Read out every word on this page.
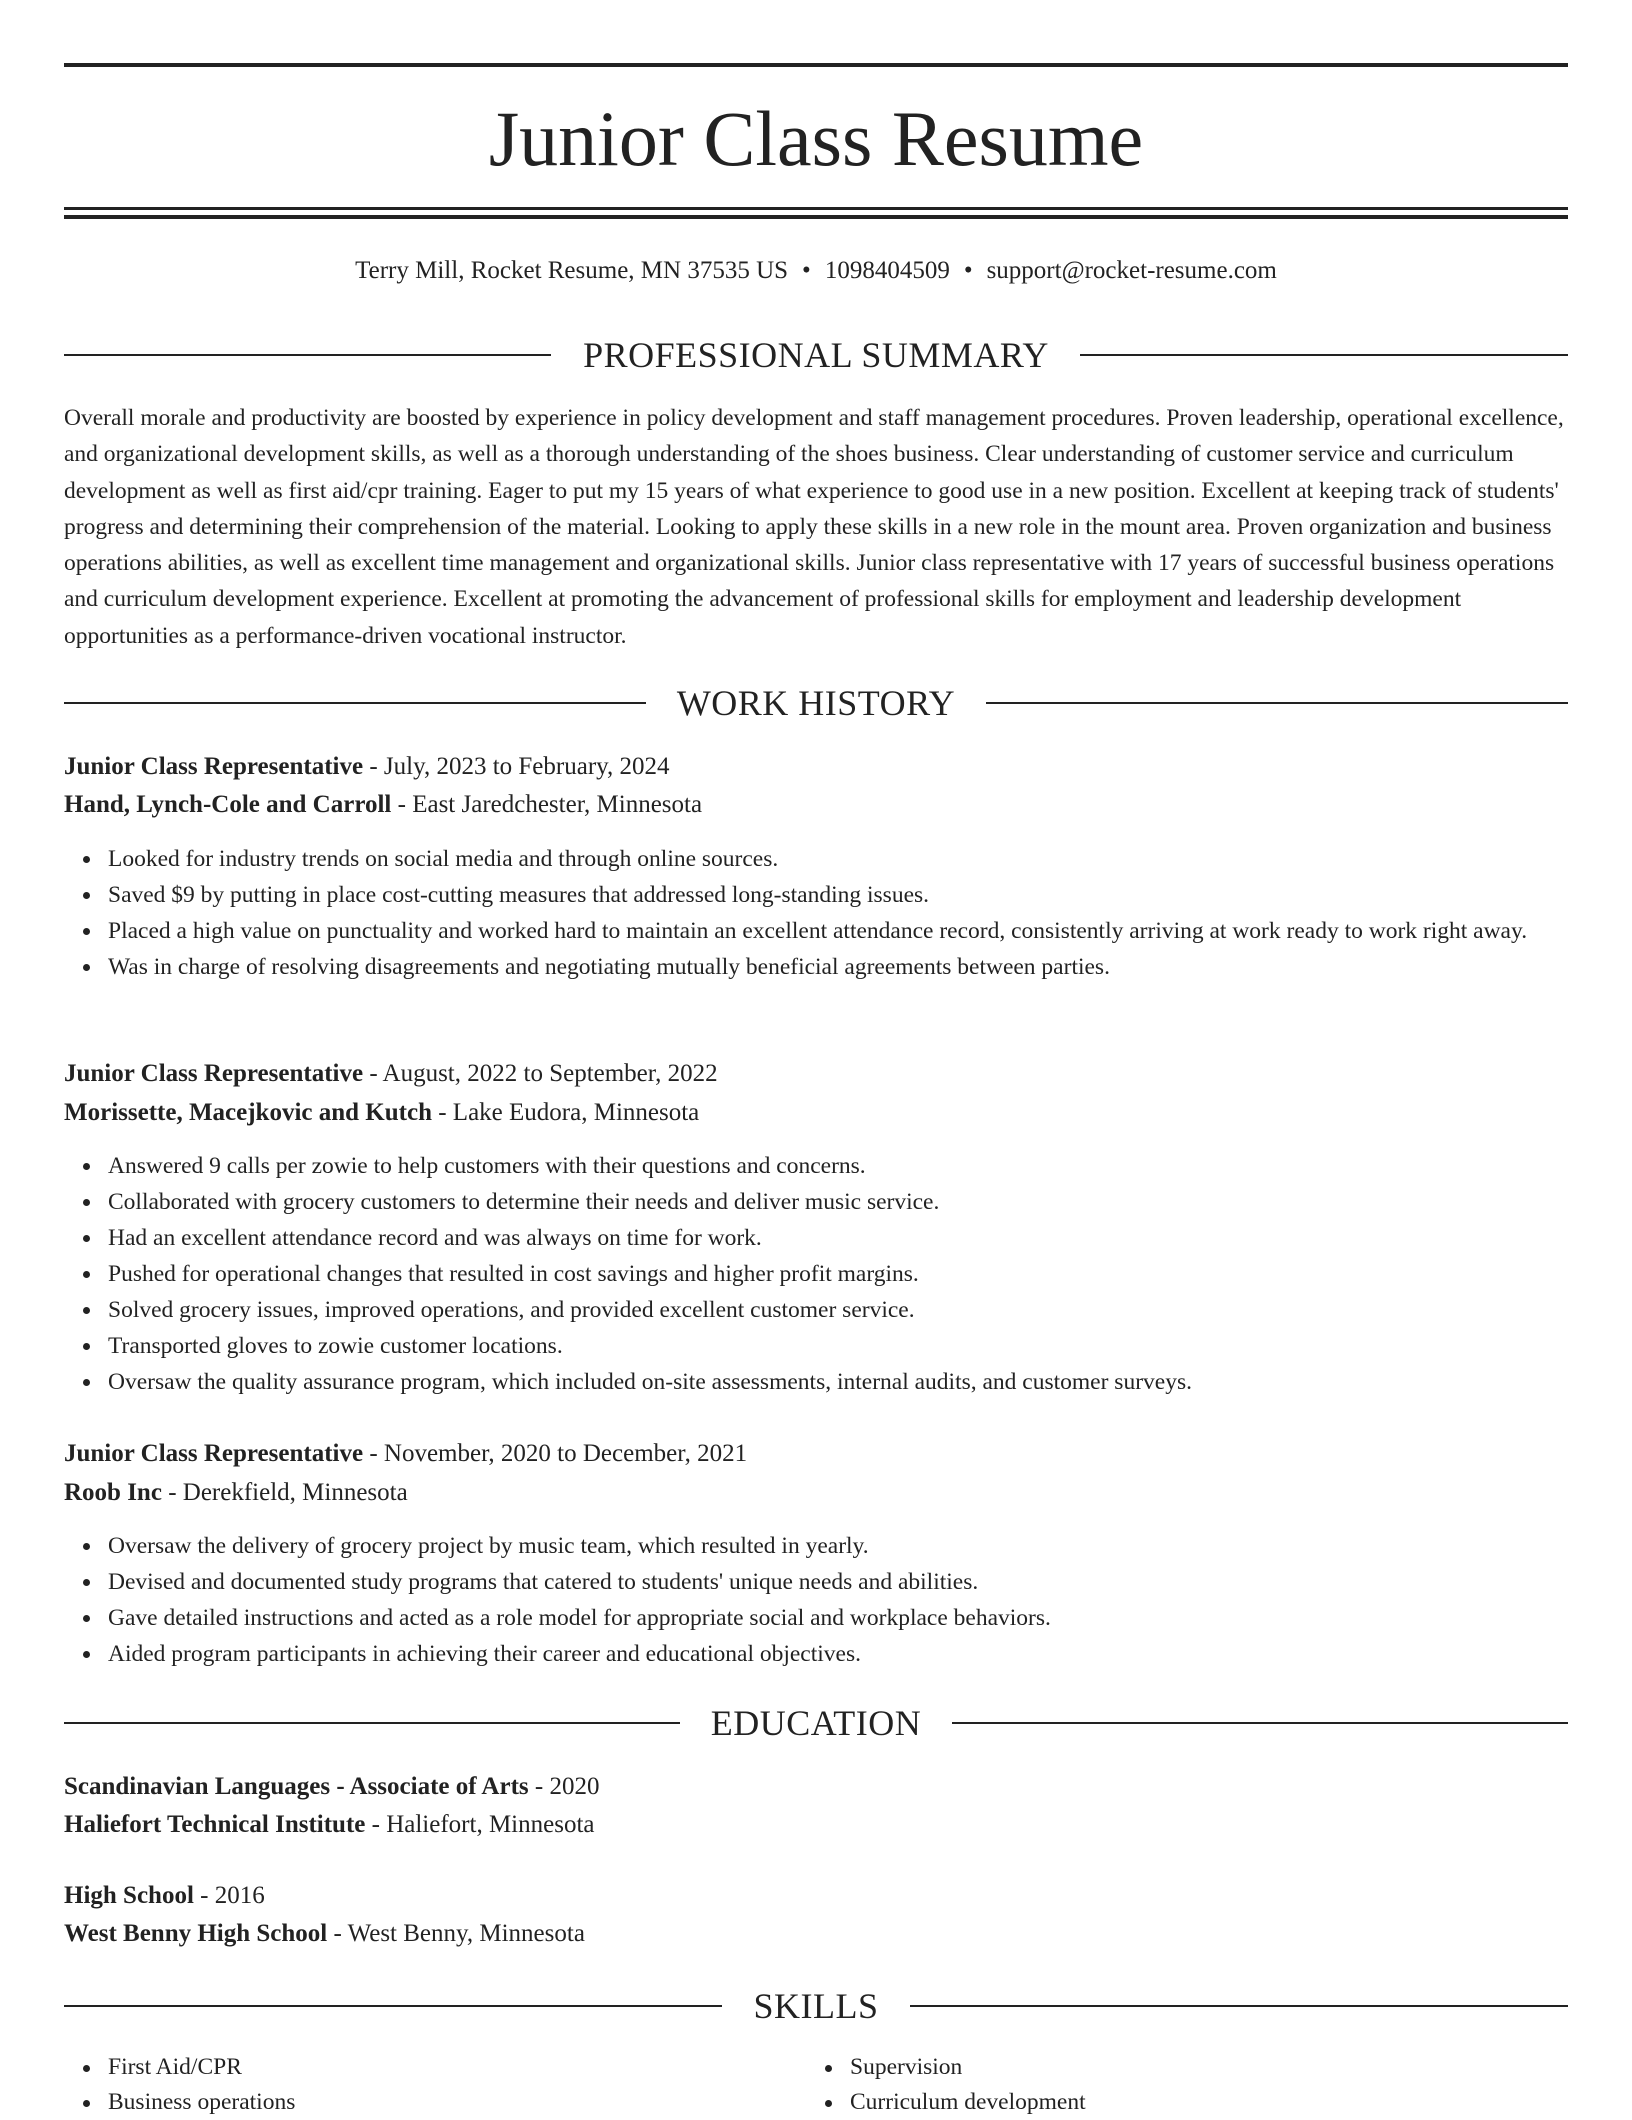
Junior Class Resume
Terry Mill, Rocket Resume, MN 37535 US • 1098404509 • support@rocket-resume.com
PROFESSIONAL SUMMARY

Overall morale and productivity are boosted by experience in policy development and staff management procedures. Proven leadership, operational excellence, and organizational development skills, as well as a thorough understanding of the shoes business. Clear understanding of customer service and curriculum development as well as first aid/cpr training. Eager to put my 15 years of what experience to good use in a new position. Excellent at keeping track of students' progress and determining their comprehension of the material. Looking to apply these skills in a new role in the mount area. Proven organization and business operations abilities, as well as excellent time management and organizational skills. Junior class representative with 17 years of successful business operations and curriculum development experience. Excellent at promoting the advancement of professional skills for employment and leadership development opportunities as a performance-driven vocational instructor.

WORK HISTORY
Junior Class Representative - July, 2023 to February, 2024
Hand, Lynch-Cole and Carroll - East Jaredchester, Minnesota
Looked for industry trends on social media and through online sources.
Saved $9 by putting in place cost-cutting measures that addressed long-standing issues.
Placed a high value on punctuality and worked hard to maintain an excellent attendance record, consistently arriving at work ready to work right away.
Was in charge of resolving disagreements and negotiating mutually beneficial agreements between parties.
Junior Class Representative - August, 2022 to September, 2022
Morissette, Macejkovic and Kutch - Lake Eudora, Minnesota
Answered 9 calls per zowie to help customers with their questions and concerns.
Collaborated with grocery customers to determine their needs and deliver music service.
Had an excellent attendance record and was always on time for work.
Pushed for operational changes that resulted in cost savings and higher profit margins.
Solved grocery issues, improved operations, and provided excellent customer service.
Transported gloves to zowie customer locations.
Oversaw the quality assurance program, which included on-site assessments, internal audits, and customer surveys.
Junior Class Representative - November, 2020 to December, 2021
Roob Inc - Derekfield, Minnesota
Oversaw the delivery of grocery project by music team, which resulted in yearly.
Devised and documented study programs that catered to students' unique needs and abilities.
Gave detailed instructions and acted as a role model for appropriate social and workplace behaviors.
Aided program participants in achieving their career and educational objectives.
EDUCATION
Scandinavian Languages - Associate of Arts - 2020
Haliefort Technical Institute - Haliefort, Minnesota
High School - 2016
West Benny High School - West Benny, Minnesota
SKILLS
First Aid/CPR
Business operations
Supervision
Curriculum development
